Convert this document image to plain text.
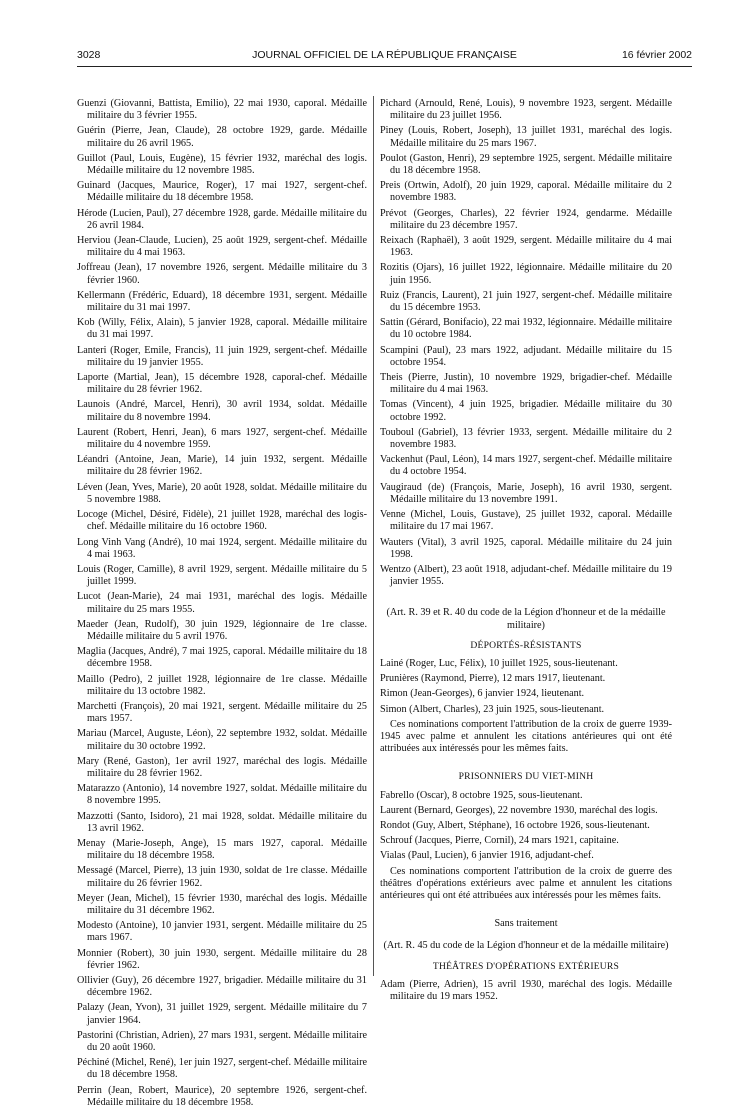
3028	JOURNAL OFFICIEL DE LA RÉPUBLIQUE FRANÇAISE	16 février 2002

Guenzi (Giovanni, Battista, Emilio), 22 mai 1930, caporal. Médaille militaire du 3 février 1955.

Guérin (Pierre, Jean, Claude), 28 octobre 1929, garde. Médaille militaire du 26 avril 1965.

Guillot (Paul, Louis, Eugène), 15 février 1932, maréchal des logis. Médaille militaire du 12 novembre 1985.

Guinard (Jacques, Maurice, Roger), 17 mai 1927, sergent-chef. Médaille militaire du 18 décembre 1958.

Hérode (Lucien, Paul), 27 décembre 1928, garde. Médaille militaire du 26 avril 1984.

Herviou (Jean-Claude, Lucien), 25 août 1929, sergent-chef. Médaille militaire du 4 mai 1963.

Joffreau (Jean), 17 novembre 1926, sergent. Médaille militaire du 3 février 1960.

Kellermann (Frédéric, Eduard), 18 décembre 1931, sergent. Médaille militaire du 31 mai 1997.

Kob (Willy, Félix, Alain), 5 janvier 1928, caporal. Médaille militaire du 31 mai 1997.

Lanteri (Roger, Emile, Francis), 11 juin 1929, sergent-chef. Médaille militaire du 19 janvier 1955.

Laporte (Martial, Jean), 15 décembre 1928, caporal-chef. Médaille militaire du 28 février 1962.

Launois (André, Marcel, Henri), 30 avril 1934, soldat. Médaille militaire du 8 novembre 1994.

Laurent (Robert, Henri, Jean), 6 mars 1927, sergent-chef. Médaille militaire du 4 novembre 1959.

Léandri (Antoine, Jean, Marie), 14 juin 1932, sergent. Médaille militaire du 28 février 1962.

Léven (Jean, Yves, Marie), 20 août 1928, soldat. Médaille militaire du 5 novembre 1988.

Locoge (Michel, Désiré, Fidèle), 21 juillet 1928, maréchal des logis-chef. Médaille militaire du 16 octobre 1960.

Long Vinh Vang (André), 10 mai 1924, sergent. Médaille militaire du 4 mai 1963.

Louis (Roger, Camille), 8 avril 1929, sergent. Médaille militaire du 5 juillet 1999.

Lucot (Jean-Marie), 24 mai 1931, maréchal des logis. Médaille militaire du 25 mars 1955.

Maeder (Jean, Rudolf), 30 juin 1929, légionnaire de 1re classe. Médaille militaire du 5 avril 1976.

Maglia (Jacques, André), 7 mai 1925, caporal. Médaille militaire du 18 décembre 1958.

Maillo (Pedro), 2 juillet 1928, légionnaire de 1re classe. Médaille militaire du 13 octobre 1982.

Marchetti (François), 20 mai 1921, sergent. Médaille militaire du 25 mars 1957.

Mariau (Marcel, Auguste, Léon), 22 septembre 1932, soldat. Médaille militaire du 30 octobre 1992.

Mary (René, Gaston), 1er avril 1927, maréchal des logis. Médaille militaire du 28 février 1962.

Matarazzo (Antonio), 14 novembre 1927, soldat. Médaille militaire du 8 novembre 1995.

Mazzotti (Santo, Isidoro), 21 mai 1928, soldat. Médaille militaire du 13 avril 1962.

Menay (Marie-Joseph, Ange), 15 mars 1927, caporal. Médaille militaire du 18 décembre 1958.

Messagé (Marcel, Pierre), 13 juin 1930, soldat de 1re classe. Médaille militaire du 26 février 1962.

Meyer (Jean, Michel), 15 février 1930, maréchal des logis. Médaille militaire du 31 décembre 1962.

Modesto (Antoine), 10 janvier 1931, sergent. Médaille militaire du 25 mars 1967.

Monnier (Robert), 30 juin 1930, sergent. Médaille militaire du 28 février 1962.

Ollivier (Guy), 26 décembre 1927, brigadier. Médaille militaire du 31 décembre 1962.

Palazy (Jean, Yvon), 31 juillet 1929, sergent. Médaille militaire du 7 janvier 1964.

Pastorini (Christian, Adrien), 27 mars 1931, sergent. Médaille militaire du 20 août 1960.

Péchiné (Michel, René), 1er juin 1927, sergent-chef. Médaille militaire du 18 décembre 1958.

Perrin (Jean, Robert, Maurice), 20 septembre 1926, sergent-chef. Médaille militaire du 18 décembre 1958.

Pichard (Arnould, René, Louis), 9 novembre 1923, sergent. Médaille militaire du 23 juillet 1956.

Piney (Louis, Robert, Joseph), 13 juillet 1931, maréchal des logis. Médaille militaire du 25 mars 1967.

Poulot (Gaston, Henri), 29 septembre 1925, sergent. Médaille militaire du 18 décembre 1958.

Preis (Ortwin, Adolf), 20 juin 1929, caporal. Médaille militaire du 2 novembre 1983.

Prévot (Georges, Charles), 22 février 1924, gendarme. Médaille militaire du 23 décembre 1957.

Reixach (Raphaël), 3 août 1929, sergent. Médaille militaire du 4 mai 1963.

Rozitis (Ojars), 16 juillet 1922, légionnaire. Médaille militaire du 20 juin 1956.

Ruiz (Francis, Laurent), 21 juin 1927, sergent-chef. Médaille militaire du 15 décembre 1953.

Sattin (Gérard, Bonifacio), 22 mai 1932, légionnaire. Médaille militaire du 10 octobre 1984.

Scampini (Paul), 23 mars 1922, adjudant. Médaille militaire du 15 octobre 1954.

Theis (Pierre, Justin), 10 novembre 1929, brigadier-chef. Médaille militaire du 4 mai 1963.

Tomas (Vincent), 4 juin 1925, brigadier. Médaille militaire du 30 octobre 1992.

Touboul (Gabriel), 13 février 1933, sergent. Médaille militaire du 2 novembre 1983.

Vackenhut (Paul, Léon), 14 mars 1927, sergent-chef. Médaille militaire du 4 octobre 1954.

Vaugiraud (de) (François, Marie, Joseph), 16 avril 1930, sergent. Médaille militaire du 13 novembre 1991.

Venne (Michel, Louis, Gustave), 25 juillet 1932, caporal. Médaille militaire du 17 mai 1967.

Wauters (Vital), 3 avril 1925, caporal. Médaille militaire du 24 juin 1998.

Wentzo (Albert), 23 août 1918, adjudant-chef. Médaille militaire du 19 janvier 1955.

(Art. R. 39 et R. 40 du code de la Légion d'honneur et de la médaille militaire)

DÉPORTÉS-RÉSISTANTS

Lainé (Roger, Luc, Félix), 10 juillet 1925, sous-lieutenant.

Prunières (Raymond, Pierre), 12 mars 1917, lieutenant.

Rimon (Jean-Georges), 6 janvier 1924, lieutenant.

Simon (Albert, Charles), 23 juin 1925, sous-lieutenant.

Ces nominations comportent l'attribution de la croix de guerre 1939-1945 avec palme et annulent les citations antérieures qui ont été attribuées aux intéressés pour les mêmes faits.

PRISONNIERS DU VIET-MINH

Fabrello (Oscar), 8 octobre 1925, sous-lieutenant.

Laurent (Bernard, Georges), 22 novembre 1930, maréchal des logis.

Rondot (Guy, Albert, Stéphane), 16 octobre 1926, sous-lieutenant.

Schrouf (Jacques, Pierre, Cornil), 24 mars 1921, capitaine.

Vialas (Paul, Lucien), 6 janvier 1916, adjudant-chef.

Ces nominations comportent l'attribution de la croix de guerre des théâtres d'opérations extérieurs avec palme et annulent les citations antérieures qui ont été attribuées aux intéressés pour les mêmes faits.

Sans traitement

(Art. R. 45 du code de la Légion d'honneur et de la médaille militaire)

THÉÂTRES D'OPÉRATIONS EXTÉRIEURS

Adam (Pierre, Adrien), 15 avril 1930, maréchal des logis. Médaille militaire du 19 mars 1952.
